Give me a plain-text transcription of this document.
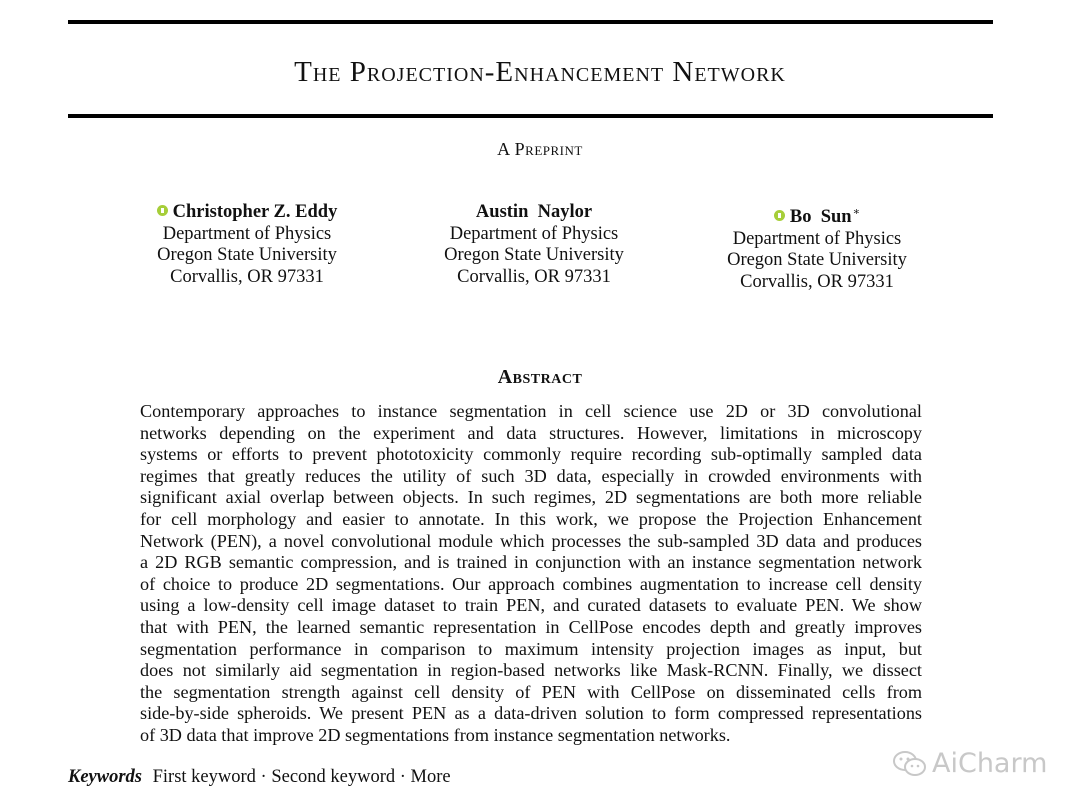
The Projection-Enhancement Network
A Preprint
Christopher Z. Eddy
Department of Physics
Oregon State University
Corvallis, OR 97331
Austin  Naylor
Department of Physics
Oregon State University
Corvallis, OR 97331
Bo  Sun∗
Department of Physics
Oregon State University
Corvallis, OR 97331
Abstract
Contemporary approaches to instance segmentation in cell science use 2D or 3D convolutional
networks depending on the experiment and data structures. However, limitations in microscopy
systems or efforts to prevent phototoxicity commonly require recording sub-optimally sampled data
regimes that greatly reduces the utility of such 3D data, especially in crowded environments with
significant axial overlap between objects. In such regimes, 2D segmentations are both more reliable
for cell morphology and easier to annotate. In this work, we propose the Projection Enhancement
Network (PEN), a novel convolutional module which processes the sub-sampled 3D data and produces
a 2D RGB semantic compression, and is trained in conjunction with an instance segmentation network
of choice to produce 2D segmentations. Our approach combines augmentation to increase cell density
using a low-density cell image dataset to train PEN, and curated datasets to evaluate PEN. We show
that with PEN, the learned semantic representation in CellPose encodes depth and greatly improves
segmentation performance in comparison to maximum intensity projection images as input, but
does not similarly aid segmentation in region-based networks like Mask-RCNN. Finally, we dissect
the segmentation strength against cell density of PEN with CellPose on disseminated cells from
side-by-side spheroids. We present PEN as a data-driven solution to form compressed representations
of 3D data that improve 2D segmentations from instance segmentation networks.
Keywords First keyword · Second keyword · More	AiCharm
